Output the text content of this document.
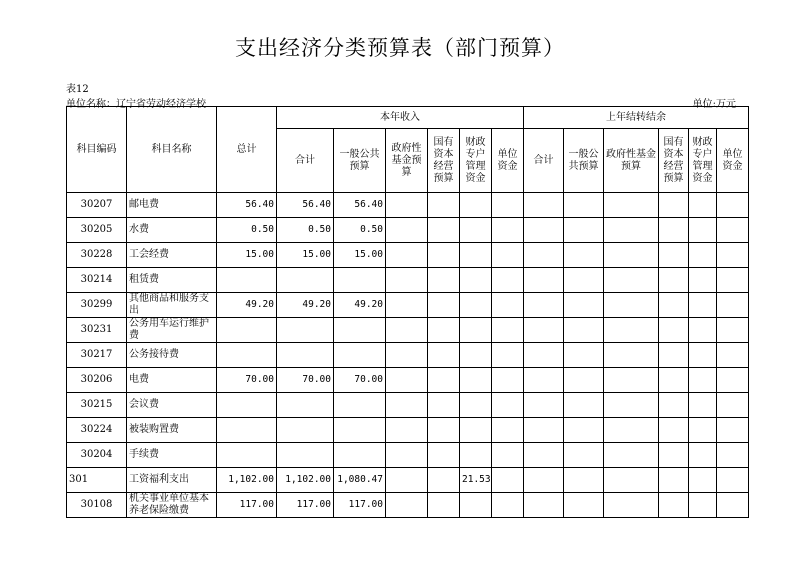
支出经济分类预算表（部门预算）
表12
单位名称：辽宁省劳动经济学校	单位:万元
科目编码	科目名称	总计	本年收入						上年结转结余					
			合计	一般公共预算	政府性基金预算	国有资本经营预算	财政专户管理资金	单位资金	合计	一般公共预算	政府性基金预算	国有资本经营预算	财政专户管理资金	单位资金
30207	邮电费	56.40	56.40	56.40										
30205	水费	0.50	0.50	0.50										
30228	工会经费	15.00	15.00	15.00										
30214	租赁费													
30299	其他商品和服务支出	49.20	49.20	49.20										
30231	公务用车运行维护费													
30217	公务接待费													
30206	电费	70.00	70.00	70.00										
30215	会议费													
30224	被装购置费													
30204	手续费													
301	工资福利支出	1,102.00	1,102.00	1,080.47			21.53							
30108	机关事业单位基本养老保险缴费	117.00	117.00	117.00										
